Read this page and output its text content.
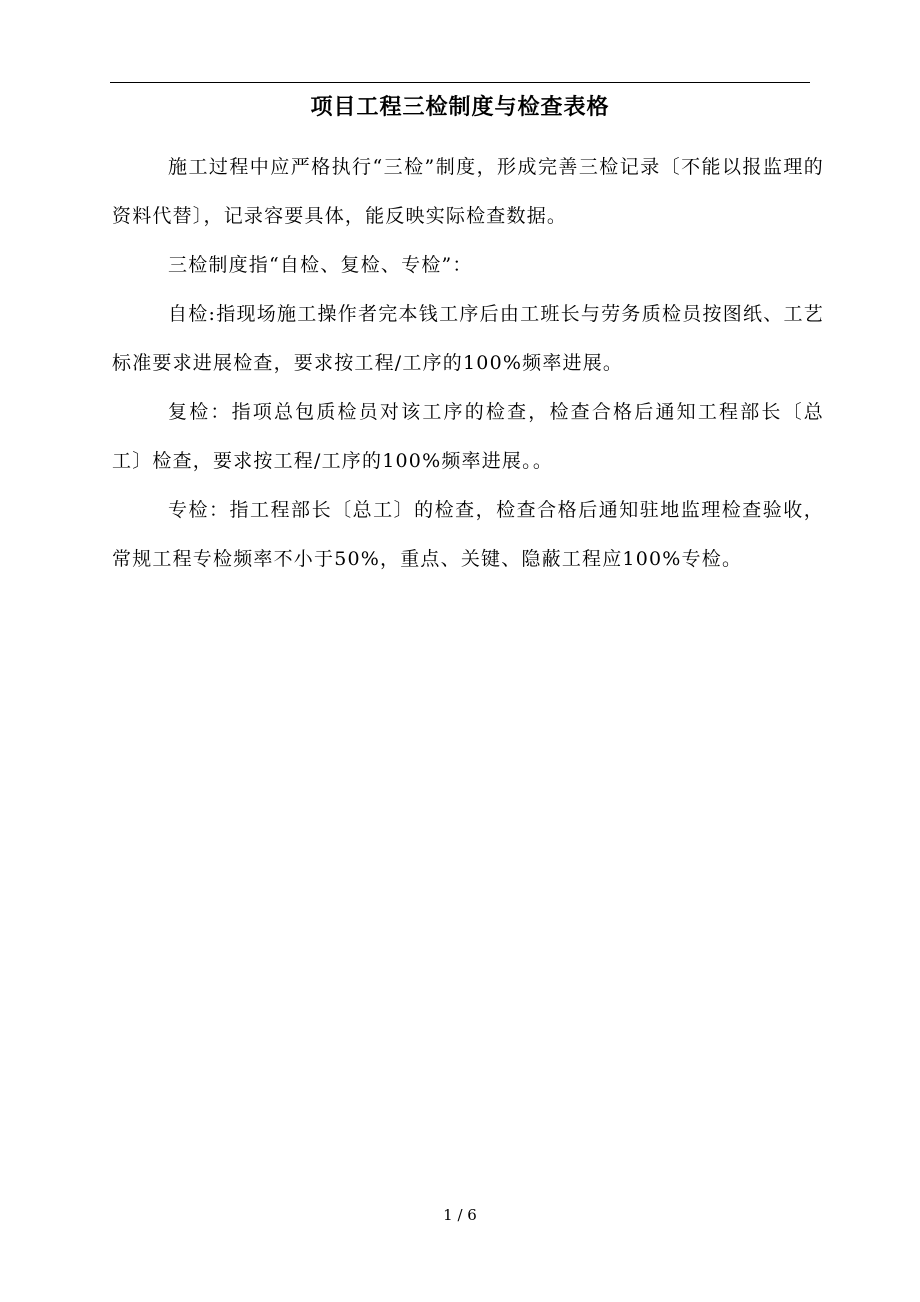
项目工程三检制度与检查表格

施工过程中应严格执行“三检”制度，形成完善三检记录〔不能以报监理的资料代替〕，记录容要具体，能反映实际检查数据。

三检制度指“自检、复检、专检”：

自检:指现场施工操作者完本钱工序后由工班长与劳务质检员按图纸、工艺标准要求进展检查，要求按工程/工序的100%频率进展。

复检：指项总包质检员对该工序的检查，检查合格后通知工程部长〔总工〕检查，要求按工程/工序的100%频率进展。。

专检：指工程部长〔总工〕的检查，检查合格后通知驻地监理检查验收，常规工程专检频率不小于50%，重点、关键、隐蔽工程应100%专检。

1 / 6
